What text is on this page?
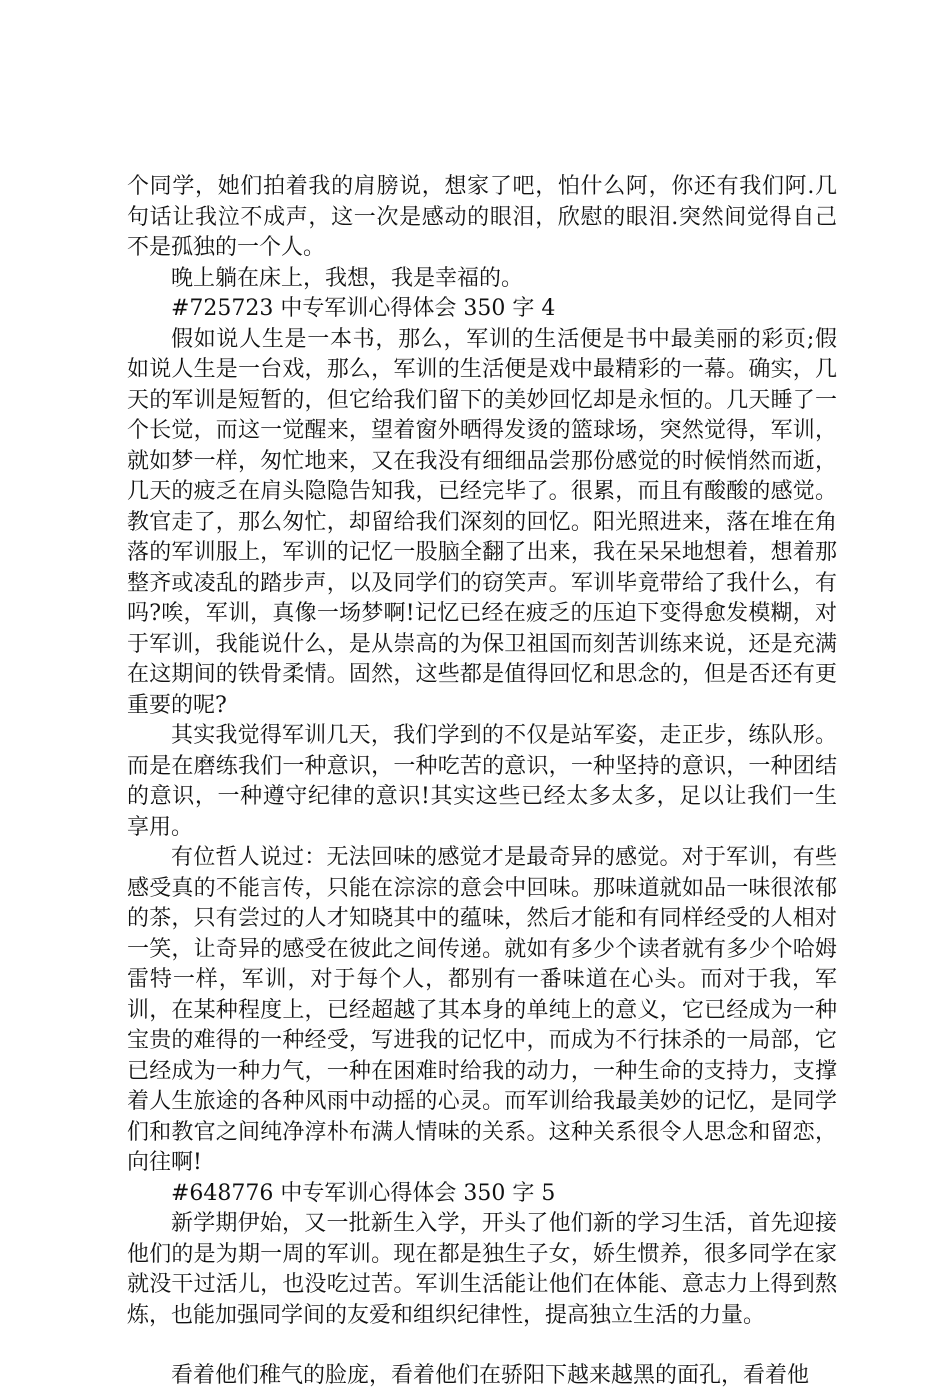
个同学，她们拍着我的肩膀说，想家了吧，怕什么阿，你还有我们阿.几句话让我泣不成声，这一次是感动的眼泪，欣慰的眼泪.突然间觉得自己不是孤独的一个人。

晚上躺在床上，我想，我是幸福的。

#725723 中专军训心得体会 350 字 4

假如说人生是一本书，那么，军训的生活便是书中最美丽的彩页;假如说人生是一台戏，那么，军训的生活便是戏中最精彩的一幕。确实，几天的军训是短暂的，但它给我们留下的美妙回忆却是永恒的。几天睡了一个长觉，而这一觉醒来，望着窗外晒得发烫的篮球场，突然觉得，军训，就如梦一样，匆忙地来，又在我没有细细品尝那份感觉的时候悄然而逝，几天的疲乏在肩头隐隐告知我，已经完毕了。很累，而且有酸酸的感觉。教官走了，那么匆忙，却留给我们深刻的回忆。阳光照进来，落在堆在角落的军训服上，军训的记忆一股脑全翻了出来，我在呆呆地想着，想着那整齐或凌乱的踏步声，以及同学们的窃笑声。军训毕竟带给了我什么，有吗?唉，军训，真像一场梦啊!记忆已经在疲乏的压迫下变得愈发模糊，对于军训，我能说什么，是从崇高的为保卫祖国而刻苦训练来说，还是充满在这期间的铁骨柔情。固然，这些都是值得回忆和思念的，但是否还有更重要的呢?

其实我觉得军训几天，我们学到的不仅是站军姿，走正步，练队形。而是在磨练我们一种意识，一种吃苦的意识，一种坚持的意识，一种团结的意识，一种遵守纪律的意识!其实这些已经太多太多，足以让我们一生享用。

有位哲人说过：无法回味的感觉才是最奇异的感觉。对于军训，有些感受真的不能言传，只能在淙淙的意会中回味。那味道就如品一味很浓郁的茶，只有尝过的人才知晓其中的蕴味，然后才能和有同样经受的人相对一笑，让奇异的感受在彼此之间传递。就如有多少个读者就有多少个哈姆雷特一样，军训，对于每个人，都别有一番味道在心头。而对于我，军训，在某种程度上，已经超越了其本身的单纯上的意义，它已经成为一种宝贵的难得的一种经受，写进我的记忆中，而成为不行抹杀的一局部，它已经成为一种力气，一种在困难时给我的动力，一种生命的支持力，支撑着人生旅途的各种风雨中动摇的心灵。而军训给我最美妙的记忆，是同学们和教官之间纯净淳朴布满人情味的关系。这种关系很令人思念和留恋，向往啊!

#648776 中专军训心得体会 350 字 5

新学期伊始，又一批新生入学，开头了他们新的学习生活，首先迎接他们的是为期一周的军训。现在都是独生子女，娇生惯养，很多同学在家就没干过活儿，也没吃过苦。军训生活能让他们在体能、意志力上得到熬炼，也能加强同学间的友爱和组织纪律性，提高独立生活的力量。

看着他们稚气的脸庞，看着他们在骄阳下越来越黑的面孔，看着他
